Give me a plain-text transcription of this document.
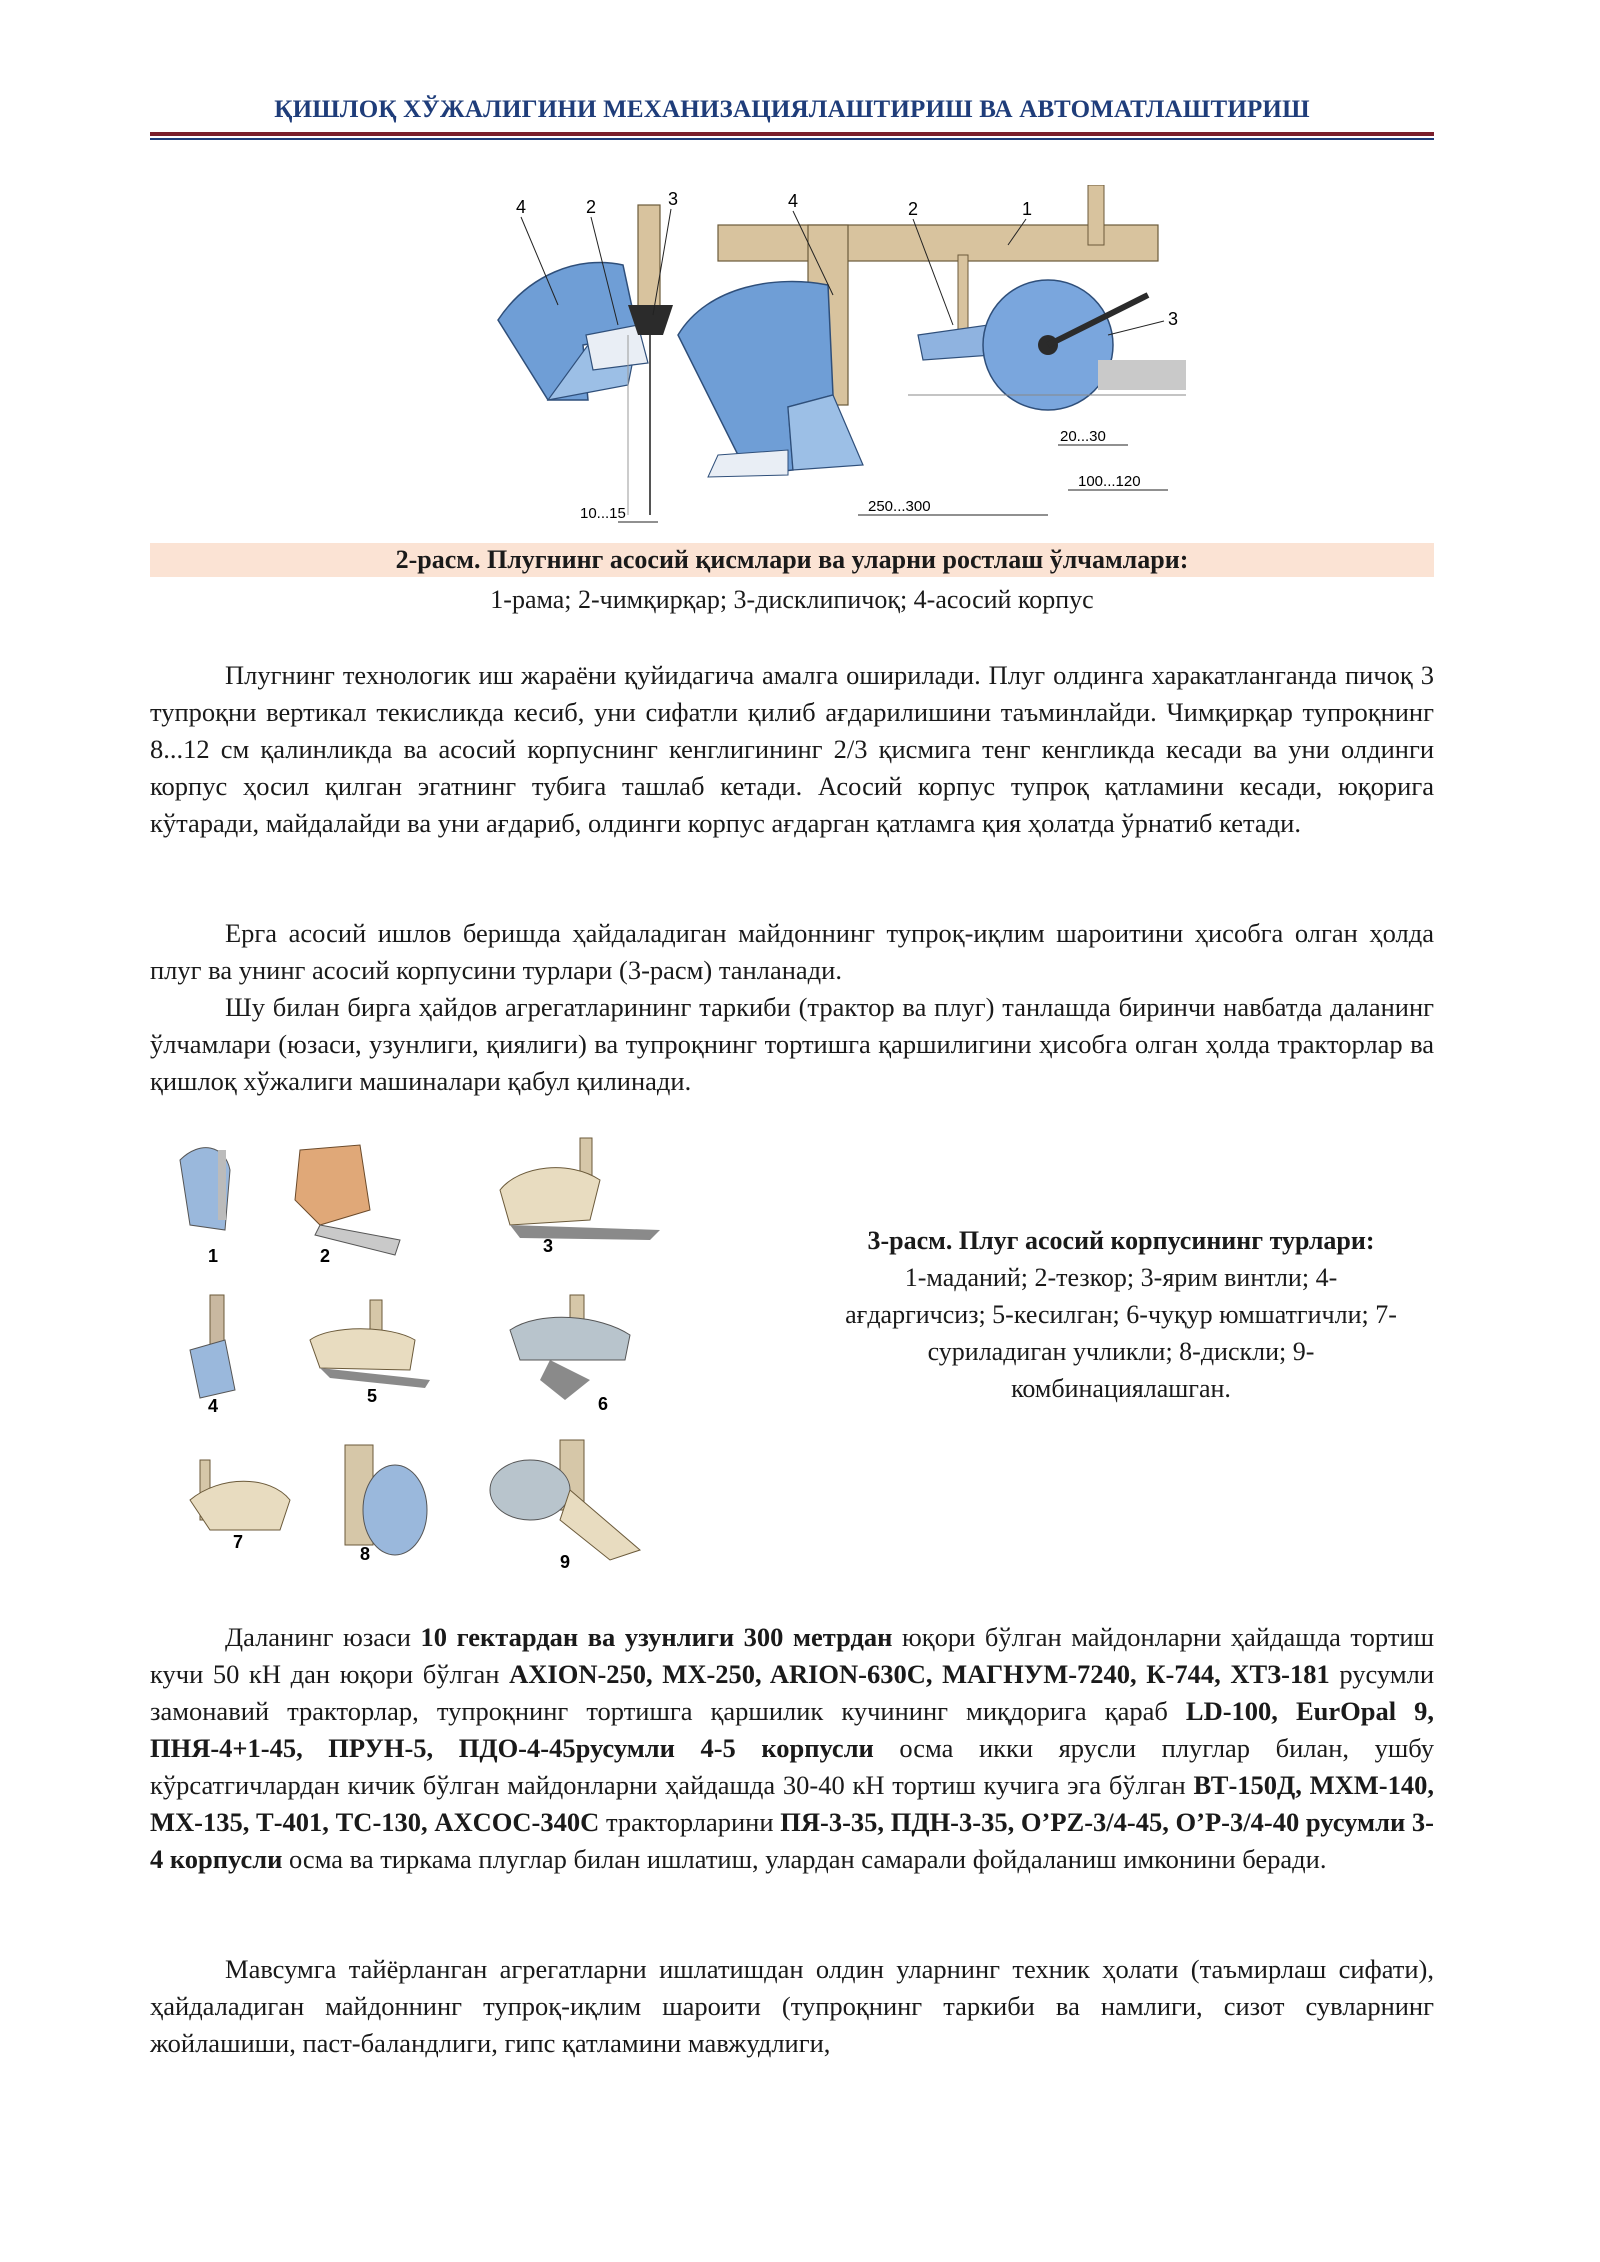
ҚИШЛОҚ ХЎЖАЛИГИНИ МЕХАНИЗАЦИЯЛАШТИРИШ ВА АВТОМАТЛАШТИРИШ
4	2	3
10...15
4	2	1
3
250...300
20...30
100...120
2-расм. Плугнинг асосий қисмлари ва уларни ростлаш ўлчамлари:
1-рама; 2-чимқирқар; 3-дисклипичоқ; 4-асосий корпус
Плугнинг технологик иш жараёни қуйидагича амалга оширилади. Плуг олдинга харакатланганда пичоқ 3 тупроқни вертикал текисликда кесиб, уни сифатли қилиб ағдарилишини таъминлайди. Чимқирқар тупроқнинг 8...12 см қалинликда ва асосий корпуснинг кенглигининг 2/3 қисмига тенг кенгликда кесади ва уни олдинги корпус ҳосил қилган эгатнинг тубига ташлаб кетади. Асосий корпус тупроқ қатламини кесади, юқорига кўтаради, майдалайди ва уни ағдариб, олдинги корпус ағдарган қатламга қия ҳолатда ўрнатиб кетади.
Ерга асосий ишлов беришда ҳайдаладиган майдоннинг тупроқ-иқлим шароитини ҳисобга олган ҳолда плуг ва унинг асосий корпусини турлари (3-расм) танланади.
Шу билан бирга ҳайдов агрегатларининг таркиби (трактор ва плуг) танлашда биринчи навбатда даланинг ўлчамлари (юзаси, узунлиги, қиялиги) ва тупроқнинг тортишга қаршилигини ҳисобга олган ҳолда тракторлар ва қишлоқ хўжалиги машиналари қабул қилинади.
1	2	3
4	5	6
7
8	9
3-расм. Плуг асосий корпусининг турлари:
1-маданий; 2-тезкор; 3-ярим винтли; 4-ағдаргичсиз; 5-кесилган; 6-чуқур юмшатгичли; 7-суриладиган учликли; 8-дискли; 9-комбинациялашган.
Даланинг юзаси 10 гектардан ва узунлиги 300 метрдан юқори бўлган майдонларни ҳайдашда тортиш кучи 50 кН дан юқори бўлган AXION-250, MX-250, ARION-630C, МАГНУМ-7240, К-744, ХТЗ-181 русумли замонавий тракторлар, тупроқнинг тортишга қаршилик кучининг миқдорига қараб LD-100, EurOpal 9, ПНЯ-4+1-45, ПРУН-5, ПДО-4-45русумли 4-5 корпусли осма икки ярусли плуглар билан, ушбу кўрсатгичлардан кичик бўлган майдонларни ҳайдашда 30-40 кН тортиш кучига эга бўлган ВТ-150Д, МХМ-140, МХ-135, Т-401, ТС-130, AXCOC-340C тракторларини ПЯ-3-35, ПДН-3-35, О’PZ-3/4-45, О’Р-3/4-40 русумли 3-4 корпусли осма ва тиркама плуглар билан ишлатиш, улардан самарали фойдаланиш имконини беради.
Мавсумга тайёрланган агрегатларни ишлатишдан олдин уларнинг техник ҳолати (таъмирлаш сифати), ҳайдаладиган майдоннинг тупроқ-иқлим шароити (тупроқнинг таркиби ва намлиги, сизот сувларнинг жойлашиши, паст-баландлиги, гипс қатламини мавжудлиги,
